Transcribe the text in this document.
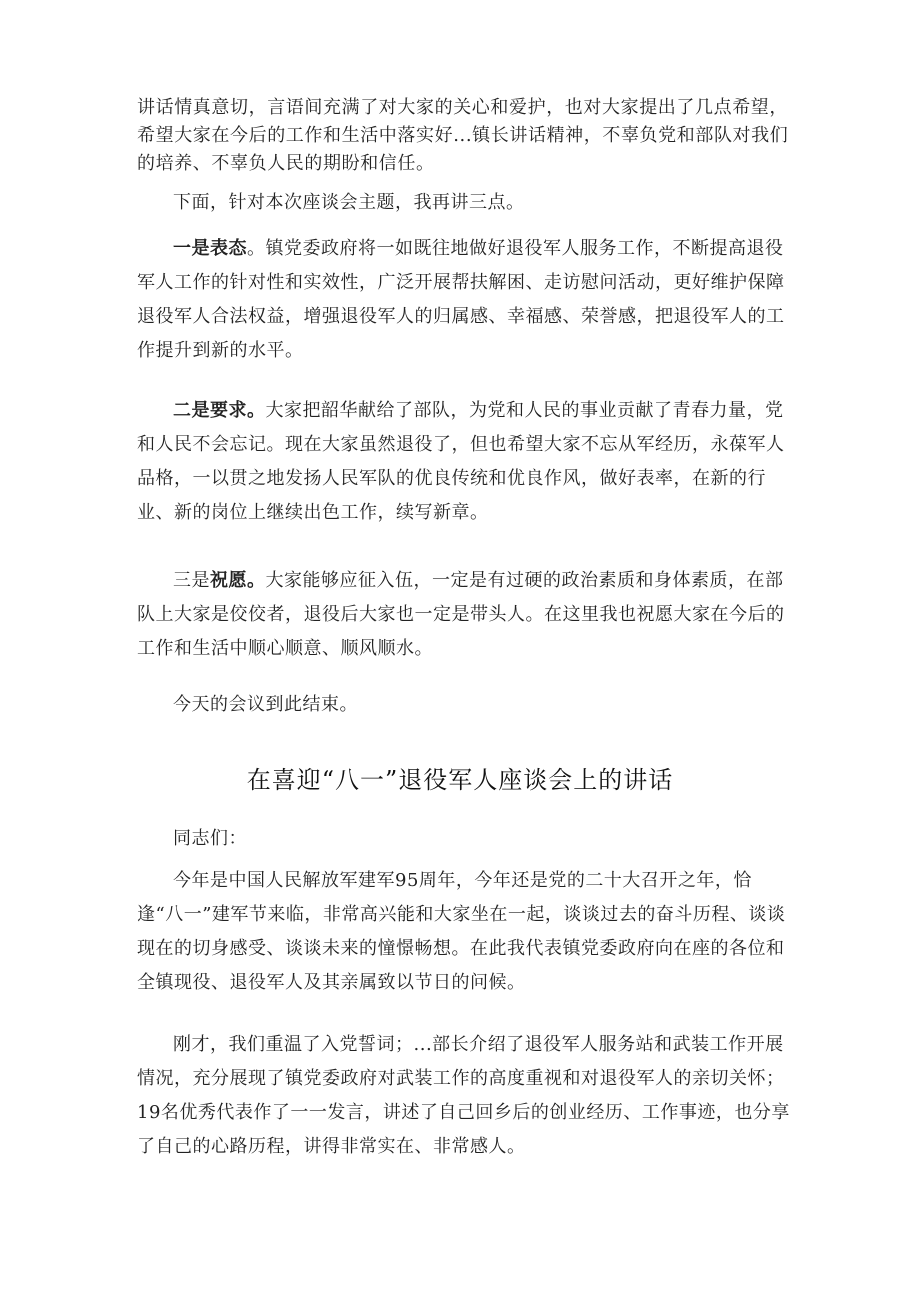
讲话情真意切，言语间充满了对大家的关心和爱护，也对大家提出了几点希望，希望大家在今后的工作和生活中落实好...镇长讲话精神，不辜负党和部队对我们的培养、不辜负人民的期盼和信任。

下面，针对本次座谈会主题，我再讲三点。

一是表态。镇党委政府将一如既往地做好退役军人服务工作，不断提高退役军人工作的针对性和实效性，广泛开展帮扶解困、走访慰问活动，更好维护保障退役军人合法权益，增强退役军人的归属感、幸福感、荣誉感，把退役军人的工作提升到新的水平。

二是要求。大家把韶华献给了部队，为党和人民的事业贡献了青春力量，党和人民不会忘记。现在大家虽然退役了，但也希望大家不忘从军经历，永葆军人品格，一以贯之地发扬人民军队的优良传统和优良作风，做好表率，在新的行业、新的岗位上继续出色工作，续写新章。

三是祝愿。大家能够应征入伍，一定是有过硬的政治素质和身体素质，在部队上大家是佼佼者，退役后大家也一定是带头人。在这里我也祝愿大家在今后的工作和生活中顺心顺意、顺风顺水。

今天的会议到此结束。

在喜迎“八一”退役军人座谈会上的讲话

同志们：

今年是中国人民解放军建军95周年，今年还是党的二十大召开之年，恰逢“八一”建军节来临，非常高兴能和大家坐在一起，谈谈过去的奋斗历程、谈谈现在的切身感受、谈谈未来的憧憬畅想。在此我代表镇党委政府向在座的各位和全镇现役、退役军人及其亲属致以节日的问候。

刚才，我们重温了入党誓词；...部长介绍了退役军人服务站和武装工作开展情况，充分展现了镇党委政府对武装工作的高度重视和对退役军人的亲切关怀；19名优秀代表作了一一发言，讲述了自己回乡后的创业经历、工作事迹，也分享了自己的心路历程，讲得非常实在、非常感人。
